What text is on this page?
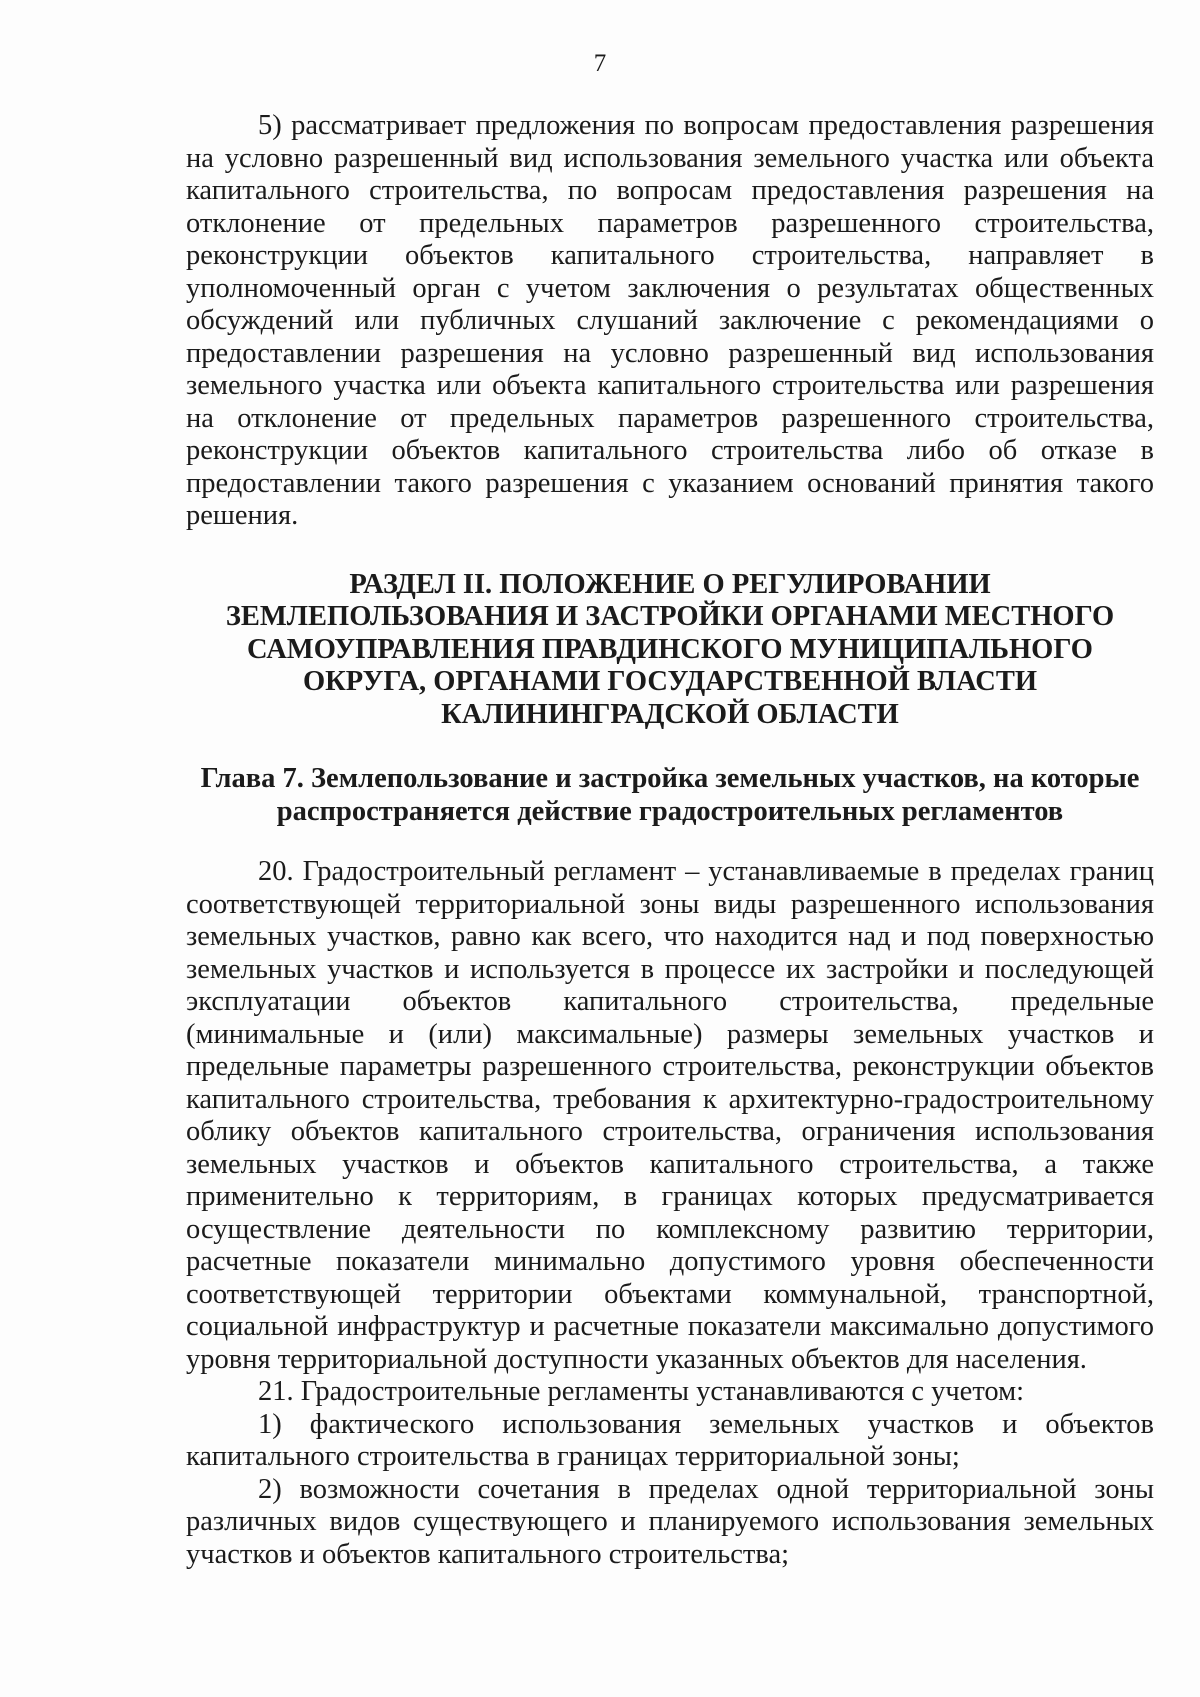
7

5) рассматривает предложения по вопросам предоставления разрешения на условно разрешенный вид использования земельного участка или объекта капитального строительства, по вопросам предоставления разрешения на отклонение от предельных параметров разрешенного строительства, реконструкции объектов капитального строительства, направляет в уполномоченный орган с учетом заключения о результатах общественных обсуждений или публичных слушаний заключение с рекомендациями о предоставлении разрешения на условно разрешенный вид использования земельного участка или объекта капитального строительства или разрешения на отклонение от предельных параметров разрешенного строительства, реконструкции объектов капитального строительства либо об отказе в предоставлении такого разрешения с указанием оснований принятия такого решения.

РАЗДЕЛ II. ПОЛОЖЕНИЕ О РЕГУЛИРОВАНИИ
ЗЕМЛЕПОЛЬЗОВАНИЯ И ЗАСТРОЙКИ ОРГАНАМИ МЕСТНОГО
САМОУПРАВЛЕНИЯ ПРАВДИНСКОГО МУНИЦИПАЛЬНОГО
ОКРУГА, ОРГАНАМИ ГОСУДАРСТВЕННОЙ ВЛАСТИ
КАЛИНИНГРАДСКОЙ ОБЛАСТИ
Глава 7. Землепользование и застройка земельных участков, на которые
распространяется действие градостроительных регламентов

20. Градостроительный регламент – устанавливаемые в пределах границ соответствующей территориальной зоны виды разрешенного использования земельных участков, равно как всего, что находится над и под поверхностью земельных участков и используется в процессе их застройки и последующей эксплуатации объектов капитального строительства, предельные (минимальные и (или) максимальные) размеры земельных участков и предельные параметры разрешенного строительства, реконструкции объектов капитального строительства, требования к архитектурно-градостроительному облику объектов капитального строительства, ограничения использования земельных участков и объектов капитального строительства, а также применительно к территориям, в границах которых предусматривается осуществление деятельности по комплексному развитию территории, расчетные показатели минимально допустимого уровня обеспеченности соответствующей территории объектами коммунальной, транспортной, социальной инфраструктур и расчетные показатели максимально допустимого уровня территориальной доступности указанных объектов для населения.

21. Градостроительные регламенты устанавливаются с учетом:

1) фактического использования земельных участков и объектов капитального строительства в границах территориальной зоны;

2) возможности сочетания в пределах одной территориальной зоны различных видов существующего и планируемого использования земельных участков и объектов капитального строительства;
